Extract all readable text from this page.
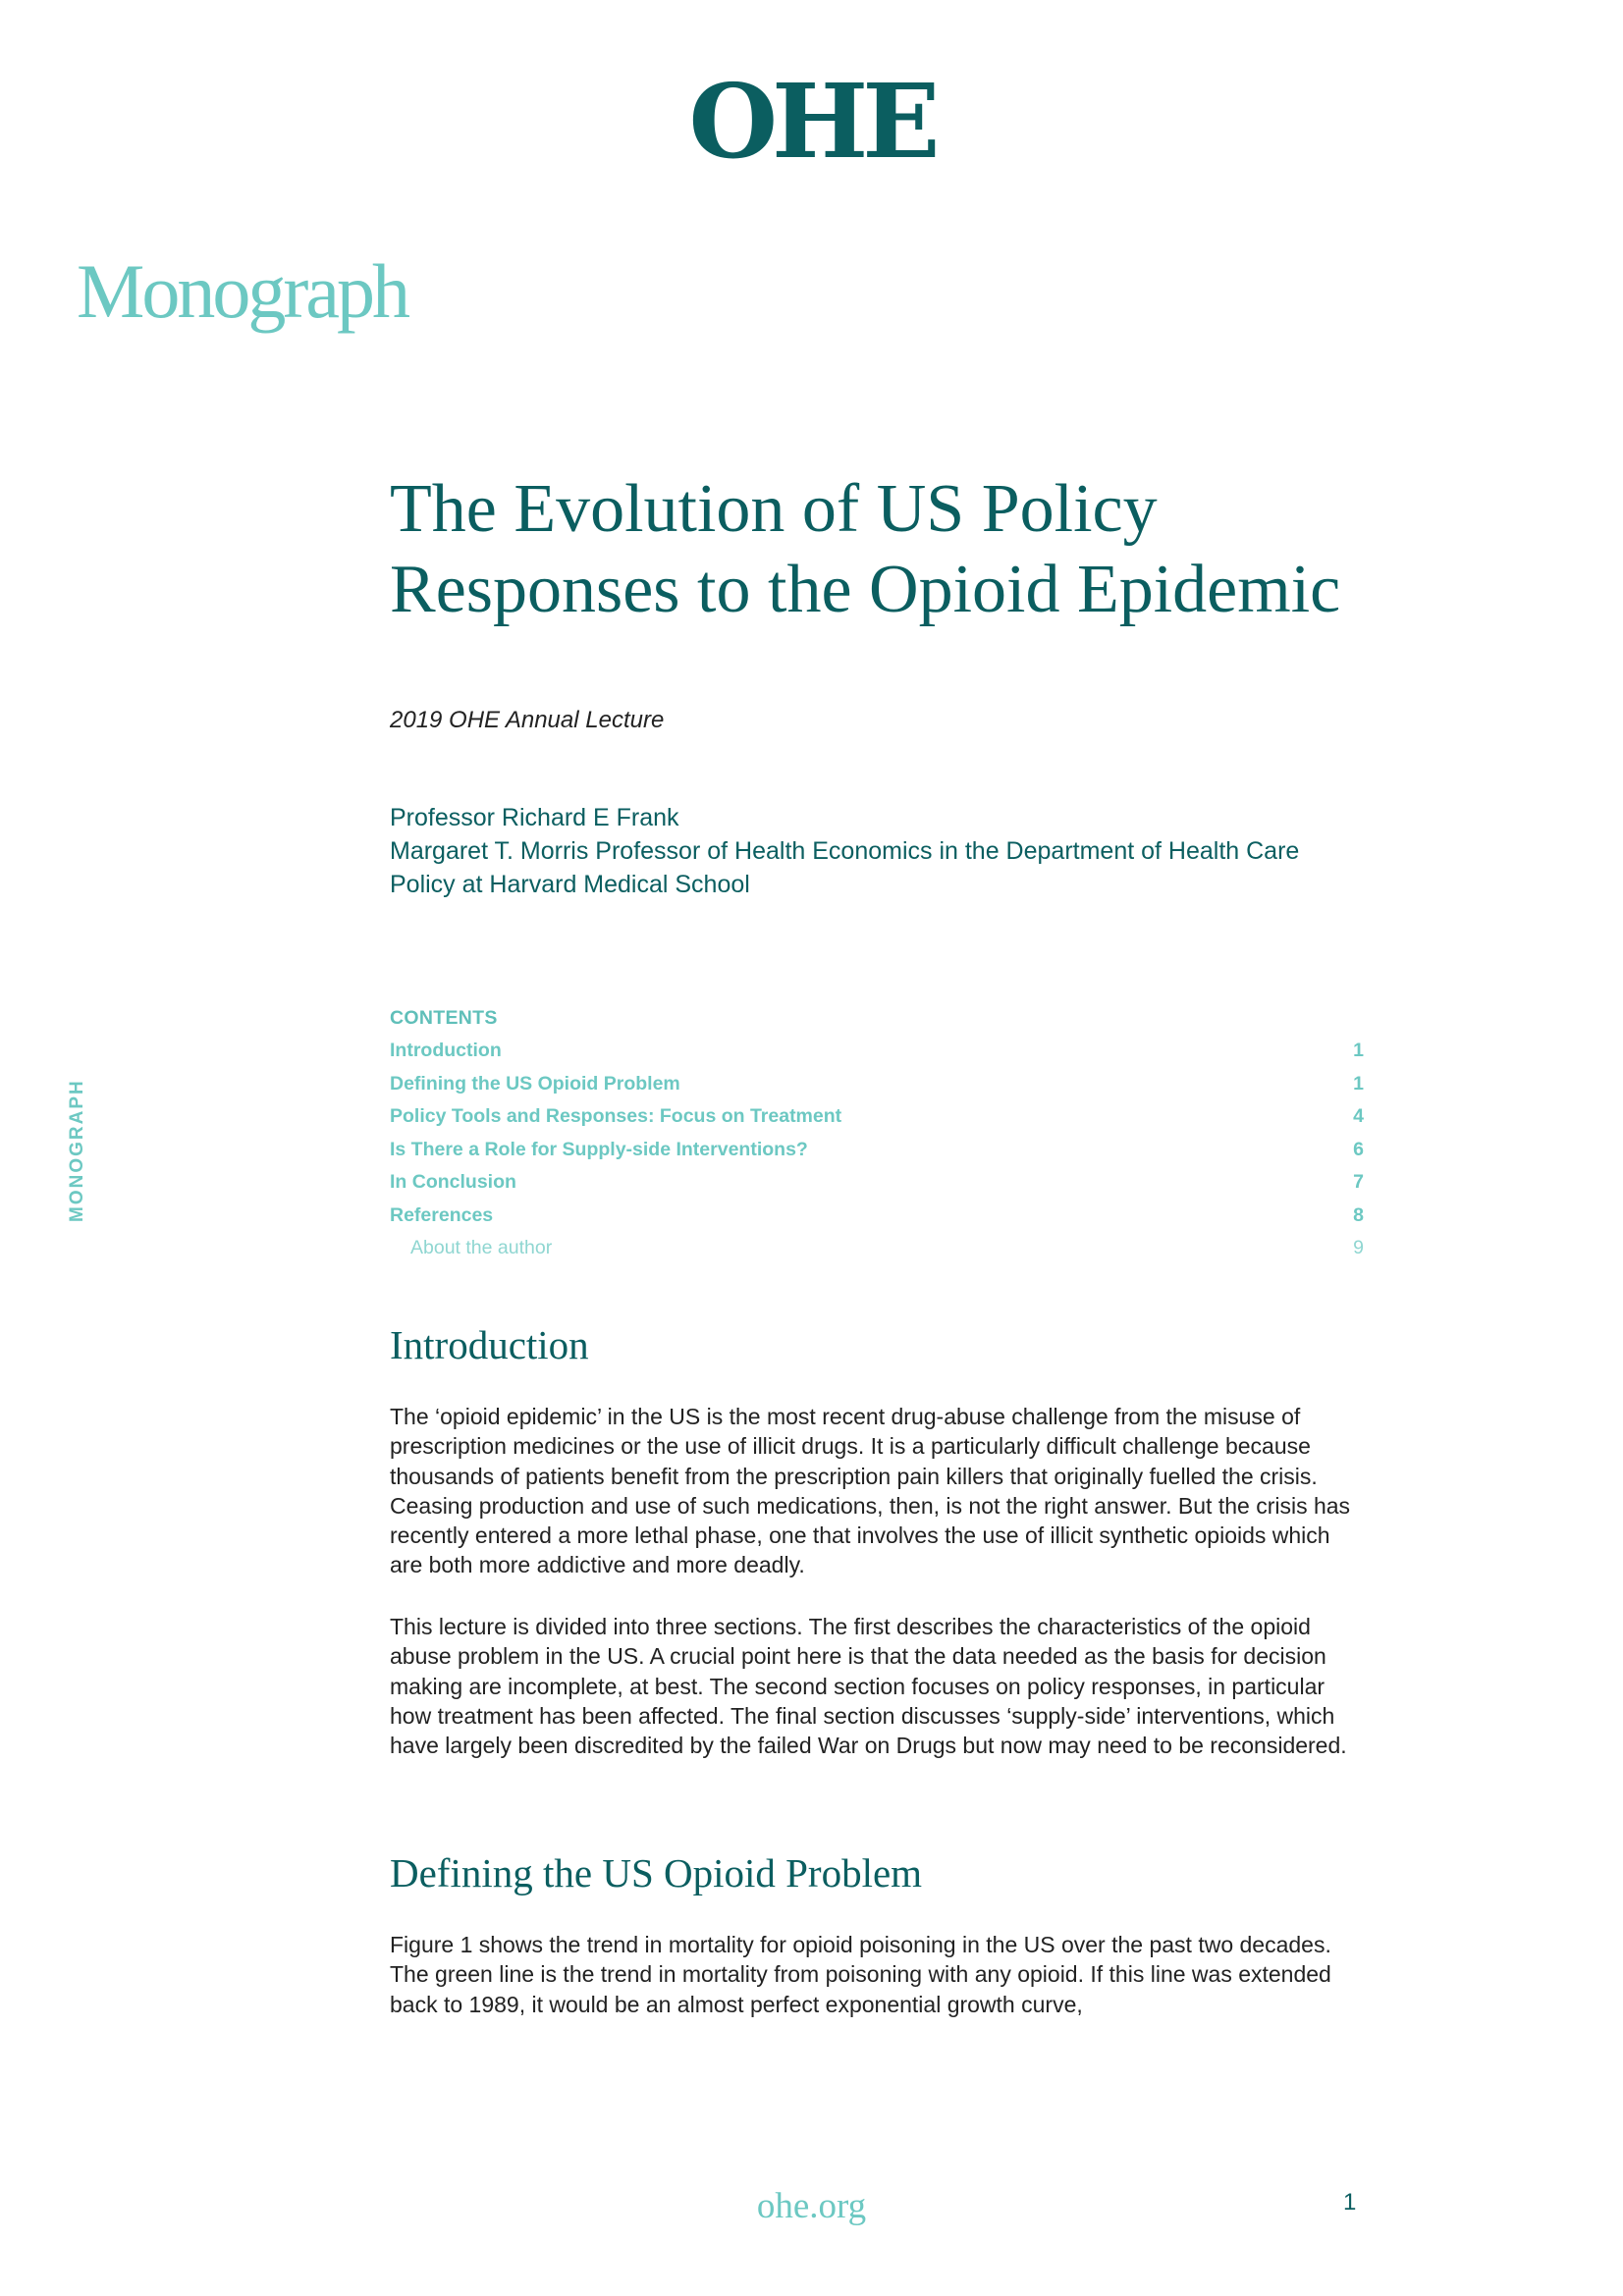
OHE
Monograph
MONOGRAPH
The Evolution of US Policy
Responses to the Opioid Epidemic
2019 OHE Annual Lecture
Professor Richard E Frank
Margaret T. Morris Professor of Health Economics in the Department of Health Care
Policy at Harvard Medical School
CONTENTS
Introduction	1
Defining the US Opioid Problem	1
Policy Tools and Responses: Focus on Treatment	4
Is There a Role for Supply-side Interventions?	6
In Conclusion	7
References	8
About the author	9
Introduction

The ‘opioid epidemic’ in the US is the most recent drug-abuse challenge from the misuse of prescription medicines or the use of illicit drugs. It is a particularly difficult challenge because thousands of patients benefit from the prescription pain killers that originally fuelled the crisis. Ceasing production and use of such medications, then, is not the right answer. But the crisis has recently entered a more lethal phase, one that involves the use of illicit synthetic opioids which are both more addictive and more deadly.

This lecture is divided into three sections. The first describes the characteristics of the opioid abuse problem in the US. A crucial point here is that the data needed as the basis for decision making are incomplete, at best. The second section focuses on policy responses, in particular how treatment has been affected. The final section discusses ‘supply-side’ interventions, which have largely been discredited by the failed War on Drugs but now may need to be reconsidered.

Defining the US Opioid Problem

Figure 1 shows the trend in mortality for opioid poisoning in the US over the past two decades. The green line is the trend in mortality from poisoning with any opioid. If this line was extended back to 1989, it would be an almost perfect exponential growth curve,

ohe.org	1
